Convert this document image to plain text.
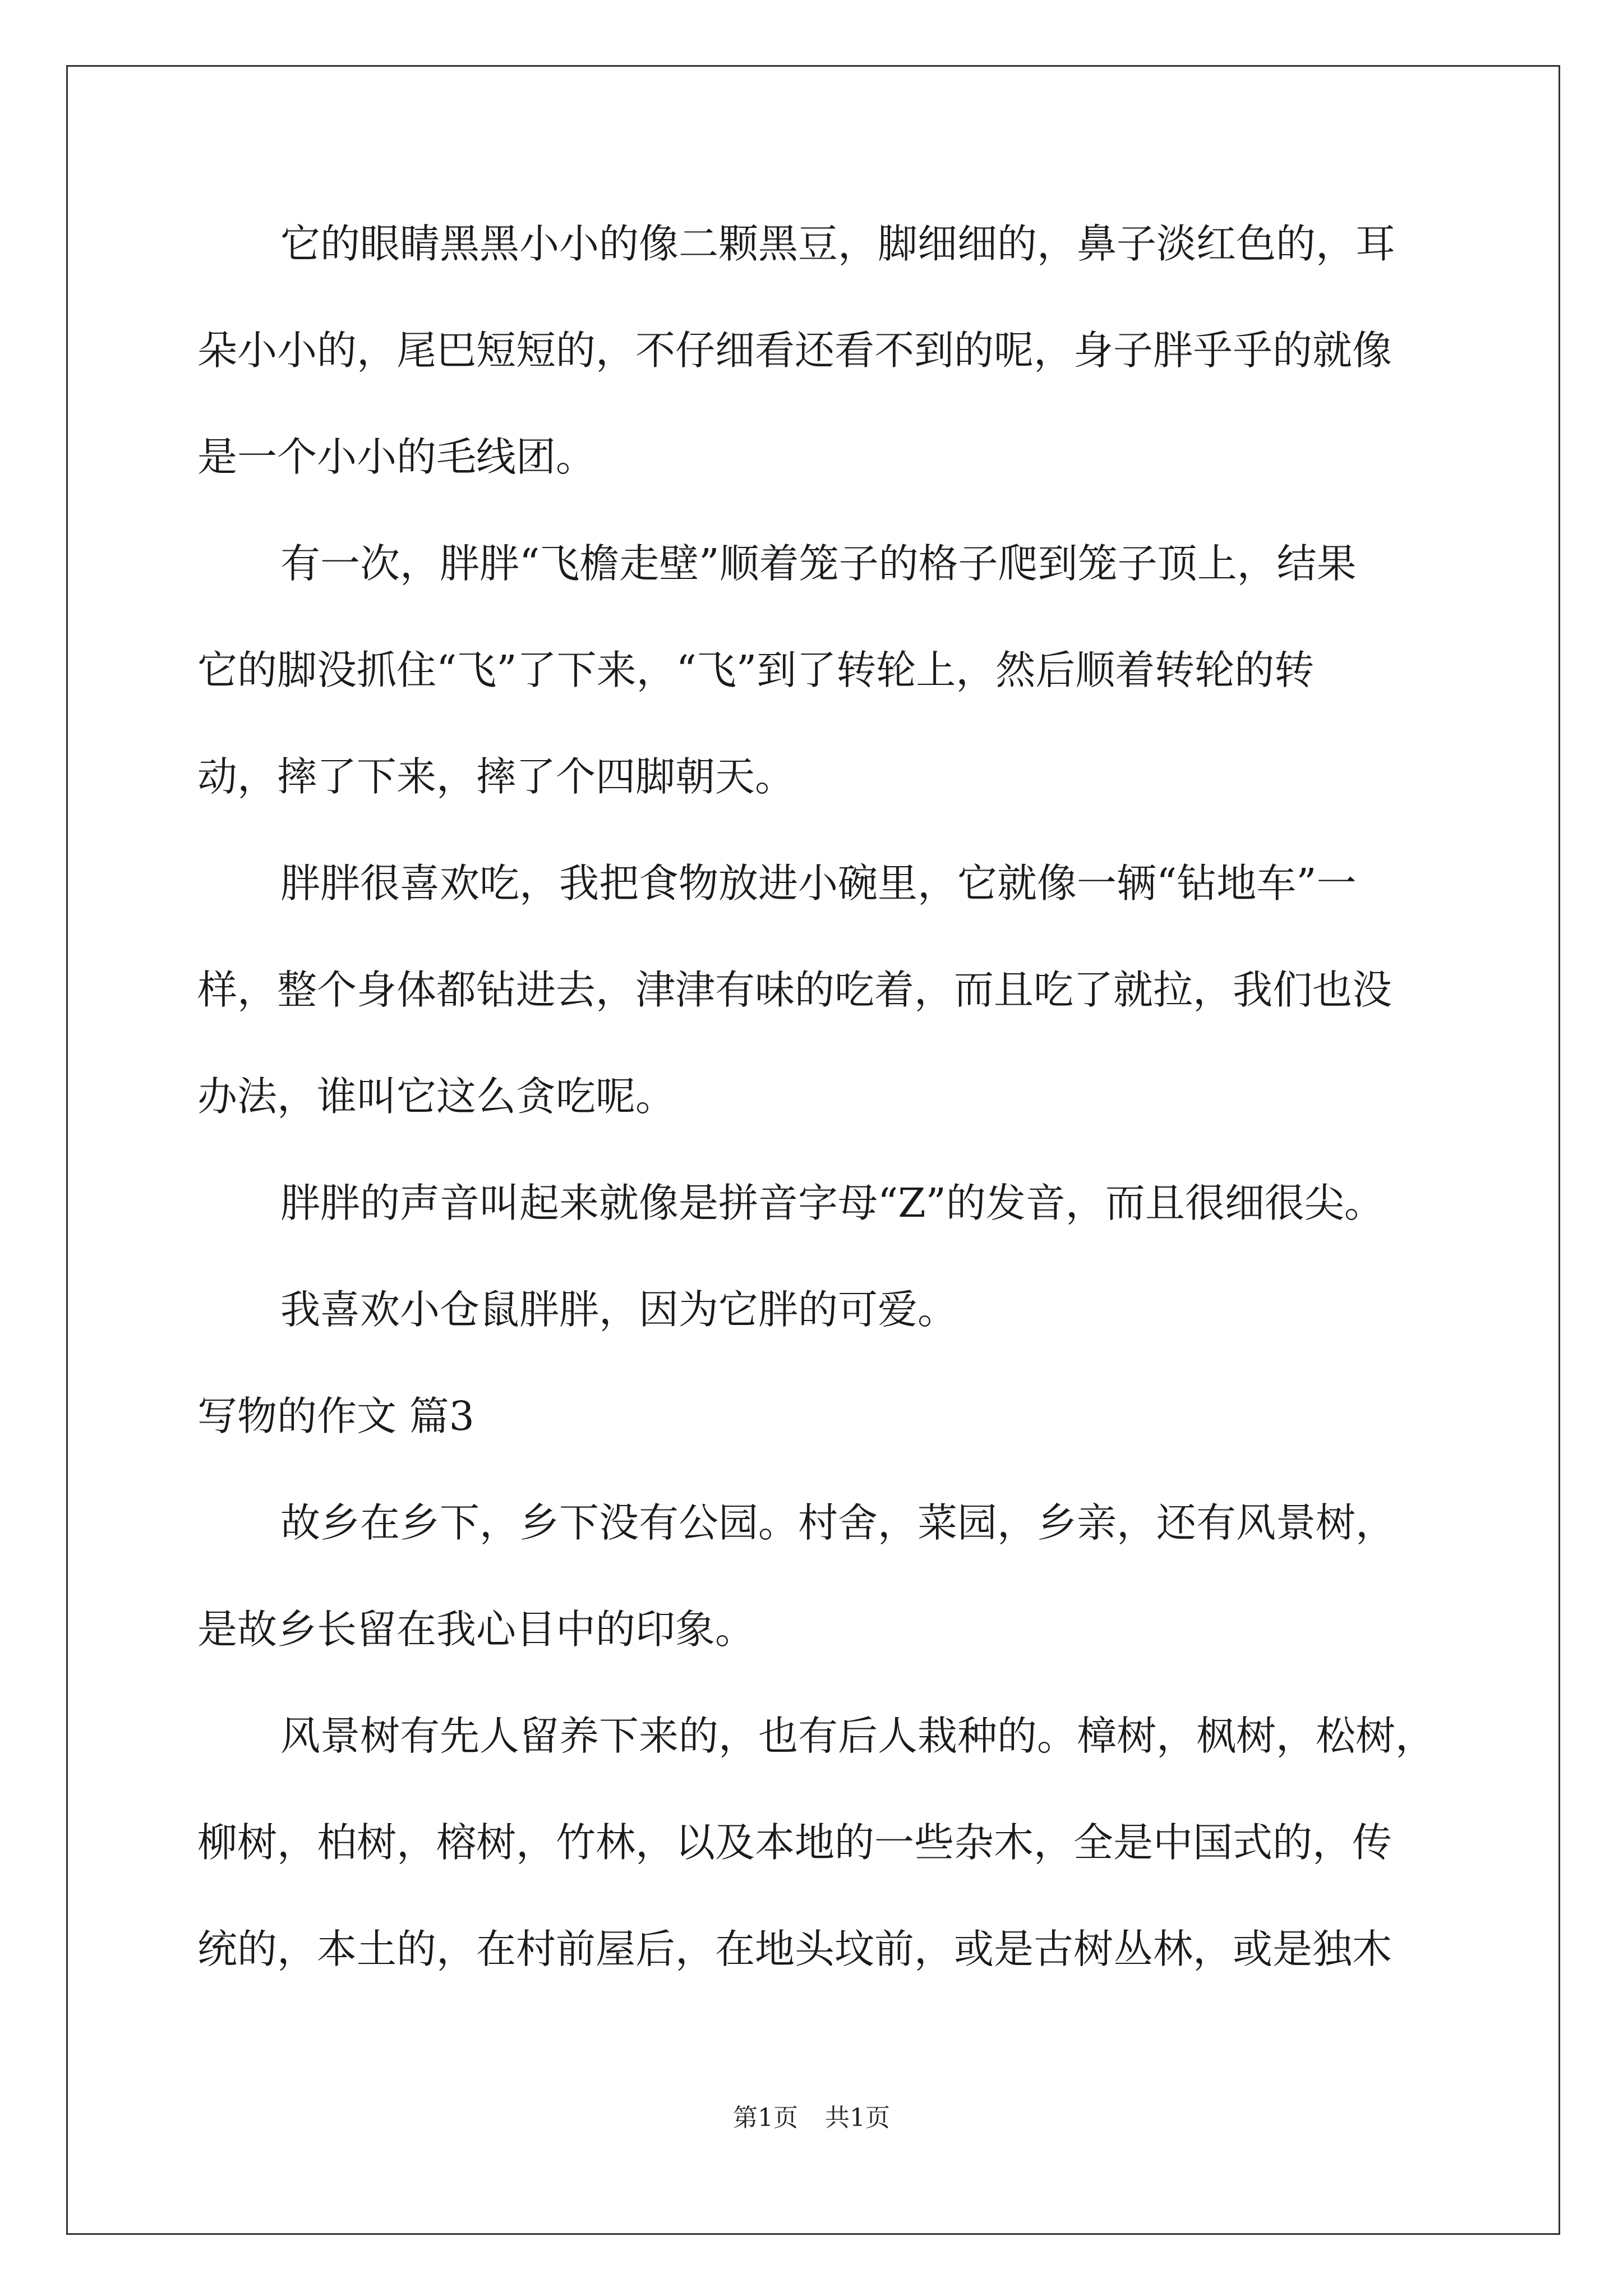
它的眼睛黑黑小小的像二颗黑豆，脚细细的，鼻子淡红色的，耳
朵小小的，尾巴短短的，不仔细看还看不到的呢，身子胖乎乎的就像
是一个小小的毛线团。
有一次，胖胖“飞檐走壁”顺着笼子的格子爬到笼子顶上，结果
它的脚没抓住“飞”了下来，“飞”到了转轮上，然后顺着转轮的转
动，摔了下来，摔了个四脚朝天。
胖胖很喜欢吃，我把食物放进小碗里，它就像一辆“钻地车”一
样，整个身体都钻进去，津津有味的吃着，而且吃了就拉，我们也没
办法，谁叫它这么贪吃呢。
胖胖的声音叫起来就像是拼音字母“Z”的发音，而且很细很尖。
我喜欢小仓鼠胖胖，因为它胖的可爱。
写物的作文 篇3
故乡在乡下，乡下没有公园。村舍，菜园，乡亲，还有风景树，
是故乡长留在我心目中的印象。
风景树有先人留养下来的，也有后人栽种的。樟树，枫树，松树，
柳树，柏树，榕树，竹林，以及本地的一些杂木，全是中国式的，传
统的，本土的，在村前屋后，在地头坟前，或是古树丛林，或是独木
第1页 共1页
